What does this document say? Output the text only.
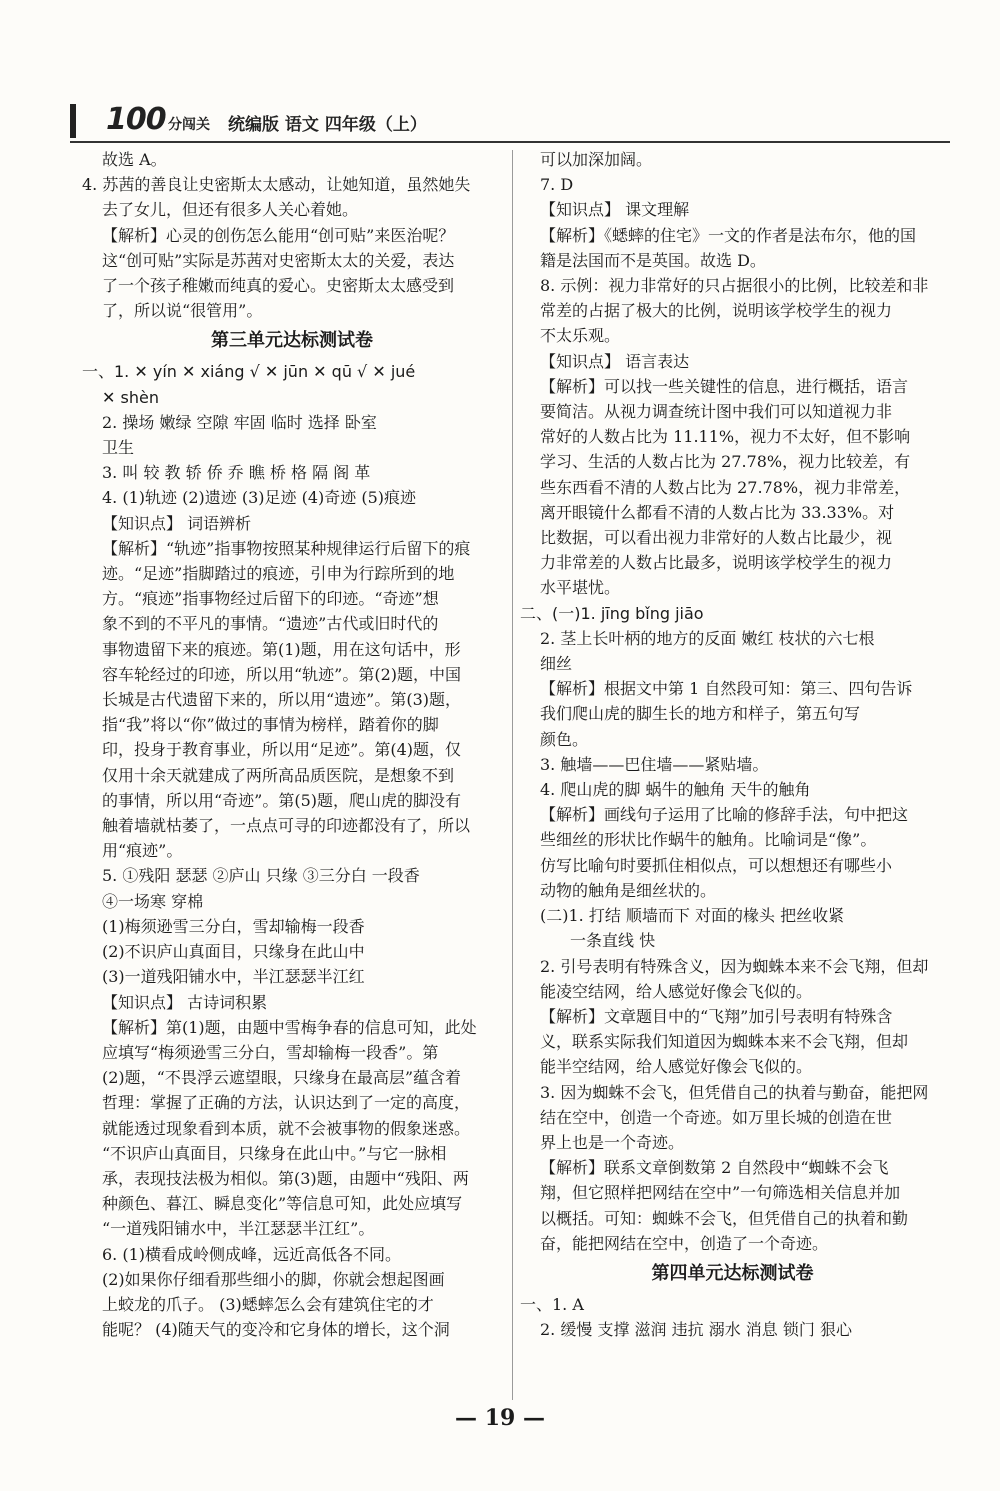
100 分闯关 统编版 语文 四年级（上）
故选 A。
4. 苏茜的善良让史密斯太太感动，让她知道，虽然她失
去了女儿，但还有很多人关心着她。
【解析】心灵的创伤怎么能用“创可贴”来医治呢？
这“创可贴”实际是苏茜对史密斯太太的关爱，表达
了一个孩子稚嫩而纯真的爱心。史密斯太太感受到
了，所以说“很管用”。
第三单元达标测试卷
一、1. ✕ yín ✕ xiáng √ ✕ jūn ✕ qū √ ✕ jué
✕ shèn
2. 操场 嫩绿 空隙 牢固 临时 选择 卧室
卫生
3. 叫 较 教 轿 侨 乔 瞧 桥 格 隔 阁 革
4. (1)轨迹 (2)遗迹 (3)足迹 (4)奇迹 (5)痕迹
【知识点】 词语辨析
【解析】“轨迹”指事物按照某种规律运行后留下的痕
迹。“足迹”指脚踏过的痕迹，引申为行踪所到的地
方。“痕迹”指事物经过后留下的印迹。“奇迹”想
象不到的不平凡的事情。“遗迹”古代或旧时代的
事物遗留下来的痕迹。第(1)题，用在这句话中，形
容车轮经过的印迹，所以用“轨迹”。第(2)题，中国
长城是古代遗留下来的，所以用“遗迹”。第(3)题，
指“我”将以“你”做过的事情为榜样，踏着你的脚
印，投身于教育事业，所以用“足迹”。第(4)题，仅
仅用十余天就建成了两所高品质医院，是想象不到
的事情，所以用“奇迹”。第(5)题，爬山虎的脚没有
触着墙就枯萎了，一点点可寻的印迹都没有了，所以
用“痕迹”。
5. ①残阳 瑟瑟 ②庐山 只缘 ③三分白 一段香
④一场寒 穿棉
(1)梅须逊雪三分白，雪却输梅一段香
(2)不识庐山真面目，只缘身在此山中
(3)一道残阳铺水中，半江瑟瑟半江红
【知识点】 古诗词积累
【解析】第(1)题，由题中雪梅争春的信息可知，此处
应填写“梅须逊雪三分白，雪却输梅一段香”。第
(2)题，“不畏浮云遮望眼，只缘身在最高层”蕴含着
哲理：掌握了正确的方法，认识达到了一定的高度，
就能透过现象看到本质，就不会被事物的假象迷惑。
“不识庐山真面目，只缘身在此山中。”与它一脉相
承，表现技法极为相似。第(3)题，由题中“残阳、两
种颜色、暮江、瞬息变化”等信息可知，此处应填写
“一道残阳铺水中，半江瑟瑟半江红”。
6. (1)横看成岭侧成峰，远近高低各不同。
(2)如果你仔细看那些细小的脚，你就会想起图画
上蛟龙的爪子。 (3)蟋蟀怎么会有建筑住宅的才
能呢？ (4)随天气的变冷和它身体的增长，这个洞
可以加深加阔。
7. D
【知识点】 课文理解
【解析】《蟋蟀的住宅》一文的作者是法布尔，他的国
籍是法国而不是英国。故选 D。
8. 示例：视力非常好的只占据很小的比例，比较差和非
常差的占据了极大的比例，说明该学校学生的视力
不太乐观。
【知识点】 语言表达
【解析】可以找一些关键性的信息，进行概括，语言
要简洁。从视力调查统计图中我们可以知道视力非
常好的人数占比为 11.11%，视力不太好，但不影响
学习、生活的人数占比为 27.78%，视力比较差，有
些东西看不清的人数占比为 27.78%，视力非常差，
离开眼镜什么都看不清的人数占比为 33.33%。对
比数据，可以看出视力非常好的人数占比最少，视
力非常差的人数占比最多，说明该学校学生的视力
水平堪忧。
二、(一)1. jīng bǐng jiāo
2. 茎上长叶柄的地方的反面 嫩红 枝状的六七根
细丝
【解析】根据文中第 1 自然段可知：第三、四句告诉
我们爬山虎的脚生长的地方和样子，第五句写
颜色。
3. 触墙——巴住墙——紧贴墙。
4. 爬山虎的脚 蜗牛的触角 天牛的触角
【解析】画线句子运用了比喻的修辞手法，句中把这
些细丝的形状比作蜗牛的触角。比喻词是“像”。
仿写比喻句时要抓住相似点，可以想想还有哪些小
动物的触角是细丝状的。
(二)1. 打结 顺墙而下 对面的椽头 把丝收紧
一条直线 快
2. 引号表明有特殊含义，因为蜘蛛本来不会飞翔，但却
能凌空结网，给人感觉好像会飞似的。
【解析】文章题目中的“飞翔”加引号表明有特殊含
义，联系实际我们知道因为蜘蛛本来不会飞翔，但却
能半空结网，给人感觉好像会飞似的。
3. 因为蜘蛛不会飞，但凭借自己的执着与勤奋，能把网
结在空中，创造一个奇迹。如万里长城的创造在世
界上也是一个奇迹。
【解析】联系文章倒数第 2 自然段中“蜘蛛不会飞
翔，但它照样把网结在空中”一句筛选相关信息并加
以概括。可知：蜘蛛不会飞，但凭借自己的执着和勤
奋，能把网结在空中，创造了一个奇迹。
第四单元达标测试卷
一、1. A
2. 缓慢 支撑 滋润 违抗 溺水 消息 锁门 狠心
— 19 —
